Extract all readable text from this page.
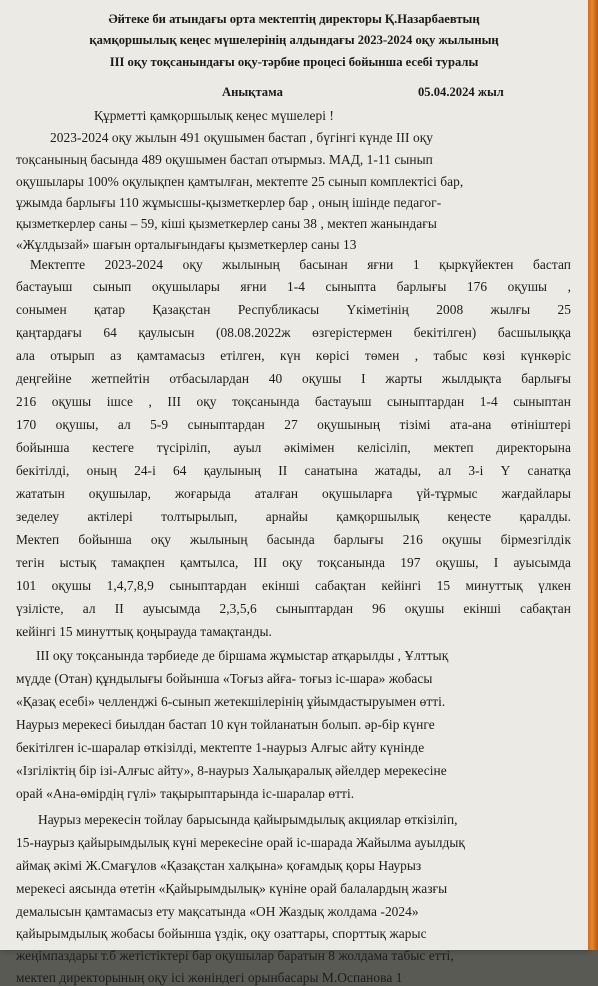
Әйтеке би атындағы орта мектептің директоры Қ.Назарбаевтың
қамқоршылық кеңес мүшелерінің алдындағы 2023-2024 оқу жылының
ІІІ оқу тоқсанындағы оқу-тәрбие процесі бойынша есебі туралы
Анықтама	05.04.2024 жыл
Құрметті қамқоршылық кеңес мүшелері !
2023-2024 оқу жылын 491 оқушымен бастап , бүгінгі күнде ІІІ оқу
тоқсанының басында 489 оқушымен бастап отырмыз. МАД, 1-11 сынып
оқушылары 100% оқулықпен қамтылған, мектепте 25 сынып комплектісі бар,
ұжымда барлығы 110 жұмысшы-қызметкерлер бар , оның ішінде педагог-
қызметкерлер саны – 59, кіші қызметкерлер саны 38 , мектеп жанындағы
«Жұлдызай» шағын орталығындағы қызметкерлер саны 13
Мектепте 2023-2024 оқу жылының басынан яғни 1 қыркүйектен бастап
бастауыш сынып оқушылары яғни 1-4 сыныпта барлығы 176 оқушы ,
сонымен қатар Қазақстан Республикасы Үкіметінің 2008 жылғы 25
қаңтардағы 64 қаулысын (08.08.2022ж өзгерістермен бекітілген) басшылыққа
ала отырып аз қамтамасыз етілген, күн көрісі төмен , табыс көзі күнкөріс
деңгейіне жетпейтін отбасылардан 40 оқушы І жарты жылдықта барлығы
216 оқушы ішсе , ІІІ оқу тоқсанында бастауыш сыныптардан 1-4 сыныптан
170 оқушы, ал 5-9 сыныптардан 27 оқушының тізімі ата-ана өтініштері
бойынша кестеге түсіріліп, ауыл әкімімен келісіліп, мектеп директорына
бекітілді, оның 24-і 64 қаулының ІІ санатына жатады, ал 3-і Ү санатқа
жататын оқушылар, жоғарыда аталған оқушыларға үй-тұрмыс жағдайлары
зеделеу актілері толтырылып, арнайы қамқоршылық кеңесте қаралды.
Мектеп бойынша оқу жылының басында барлығы 216 оқушы бірмезгілдік
тегін ыстық тамақпен қамтылса, ІІІ оқу тоқсанында 197 оқушы, І ауысымда
101 оқушы 1,4,7,8,9 сыныптардан екінші сабақтан кейінгі 15 минуттық үлкен
үзілісте, ал ІІ ауысымда 2,3,5,6 сыныптардан 96 оқушы екінші сабақтан
кейінгі 15 минуттық қоңырауда тамақтанды.
ІІІ оқу тоқсанында тәрбиеде де біршама жұмыстар атқарылды , Ұлттық
мүдде (Отан) құндылығы бойынша «Тоғыз айға- тоғыз іс-шара» жобасы
«Қазақ есебі» челленджі 6-сынып жетекшілерінің ұйымдастыруымен өтті.
Наурыз мерекесі биылдан бастап 10 күн тойланатын болып. әр-бір күнге
бекітілген іс-шаралар өткізілді, мектепте 1-наурыз Алғыс айту күнінде
«Ізгіліктің бір ізі-Алғыс айту», 8-наурыз Халықаралық әйелдер мерекесіне
орай «Ана-өмірдің гүлі» тақырыптарында іс-шаралар өтті.
Наурыз мерекесін тойлау барысында қайырымдылық акциялар өткізіліп,
15-наурыз қайырымдылық күні мерекесіне орай іс-шарада Жайылма ауылдық
аймақ әкімі Ж.Смағұлов «Қазақстан халқына» қоғамдық қоры Наурыз
мерекесі аясында өтетін «Қайырымдылық» күніне орай балалардың жазғы
демалысын қамтамасыз ету мақсатында «ОН Жаздық жолдама -2024»
қайырымдылық жобасы бойынша үздік, оқу озаттары, спорттық жарыс
жеңімпаздары т.б жетістіктері бар оқушылар баратын 8 жолдама табыс етті,
мектеп директорының оқу ісі жөніндегі орынбасары М.Оспанова 1
